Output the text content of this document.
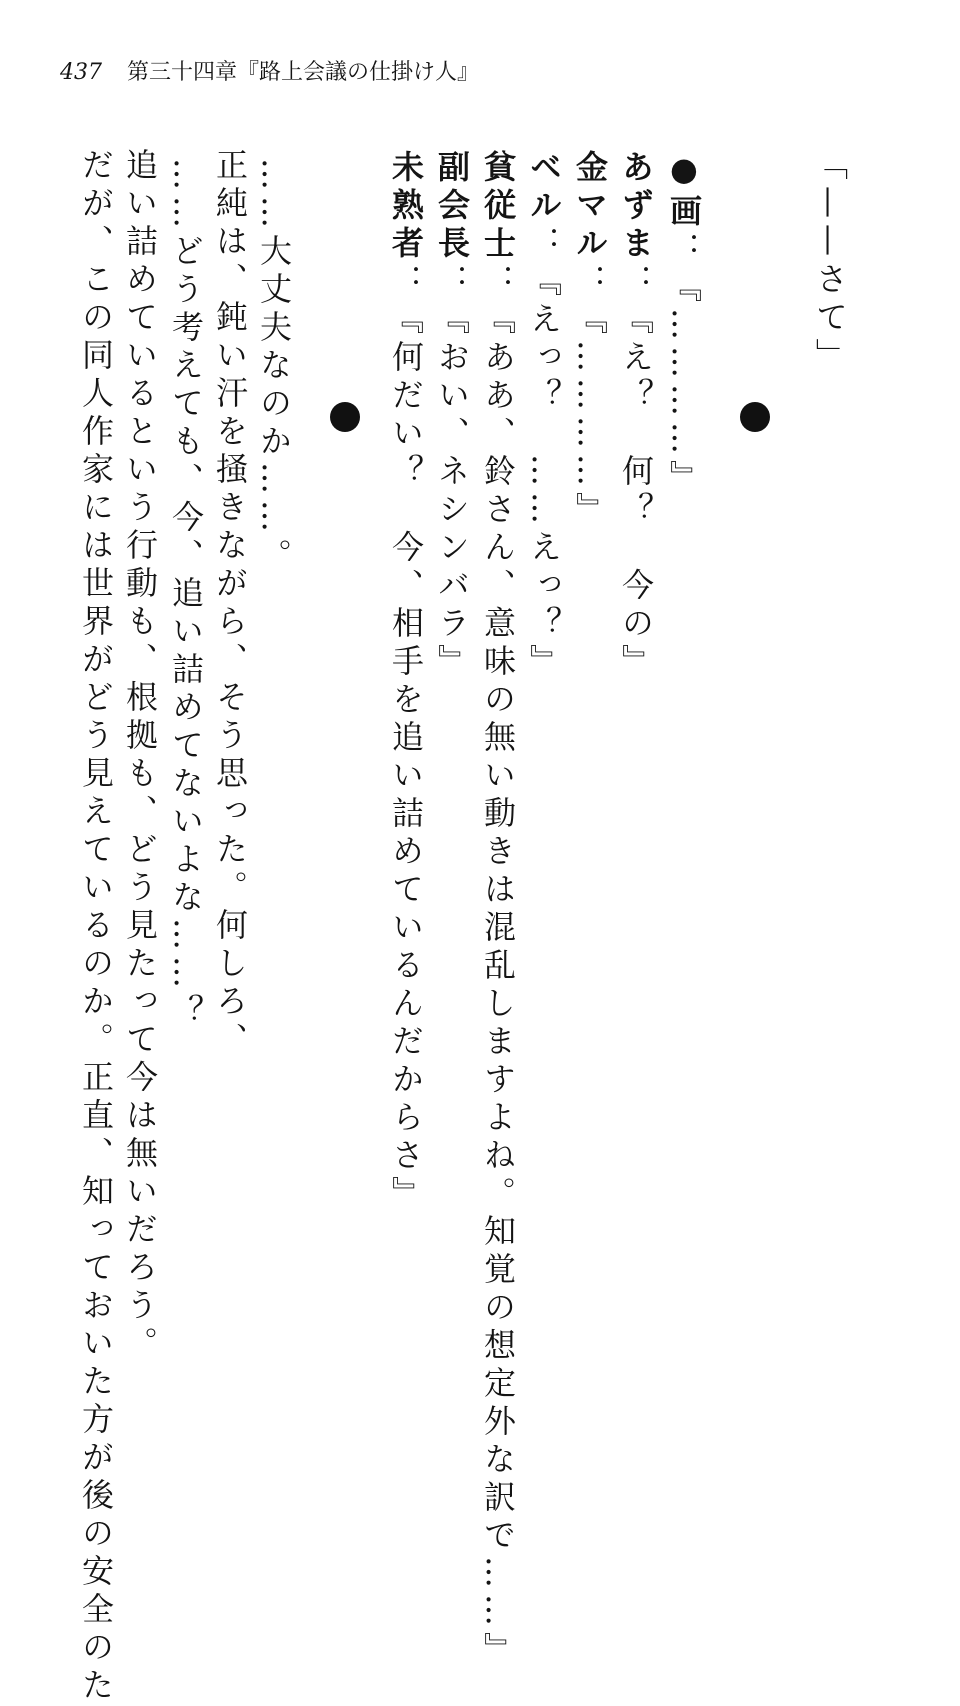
437 第三十四章『路上会議の仕掛け人』
「——さて」
●画：『…………』
あずま：『え？　何？　今の』
金マル：『…………』
ベル：『えっ？　……えっ？』
貧従士：『ああ、鈴さん、意味の無い動きは混乱しますよね。知覚の想定外な訳で……』
副会長：『おい、ネシンバラ』
未熟者：『何だい？　今、相手を追い詰めているんだからさ』
……大丈夫なのか……。
正純は、鈍い汗を掻きながら、そう思った。何しろ、
……どう考えても、今、追い詰めてないよな……？
追い詰めているという行動も、根拠も、どう見たって今は無いだろう。
だが、この同人作家には世界がどう見えているのか。正直、知っておいた方が後の安全のた
